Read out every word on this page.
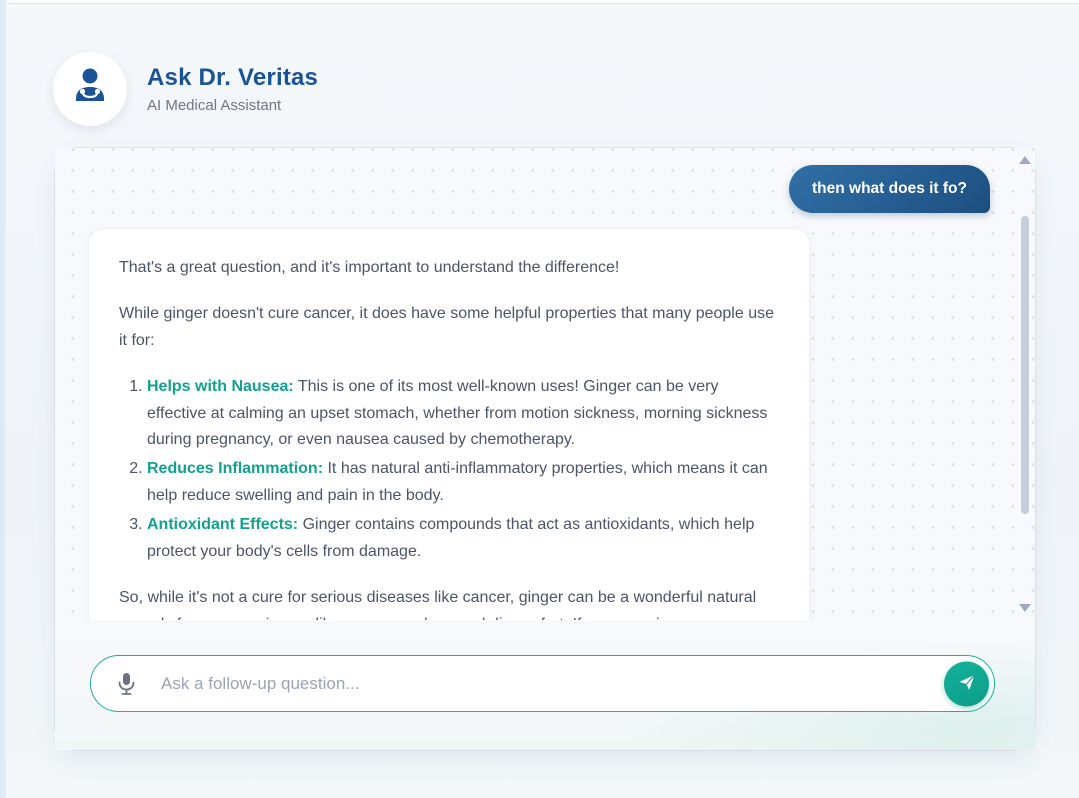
Ask Dr. Veritas
AI Medical Assistant
then what does it fo?

That's a great question, and it's important to understand the difference!

While ginger doesn't cure cancer, it does have some helpful properties that many people use it for:

1. Helps with Nausea: This is one of its most well-known uses! Ginger can be very effective at calming an upset stomach, whether from motion sickness, morning sickness during pregnancy, or even nausea caused by chemotherapy.
2. Reduces Inflammation: It has natural anti-inflammatory properties, which means it can help reduce swelling and pain in the body.
3. Antioxidant Effects: Ginger contains compounds that act as antioxidants, which help protect your body's cells from damage.

So, while it's not a cure for serious diseases like cancer, ginger can be a wonderful natural

Ask a follow-up question...
